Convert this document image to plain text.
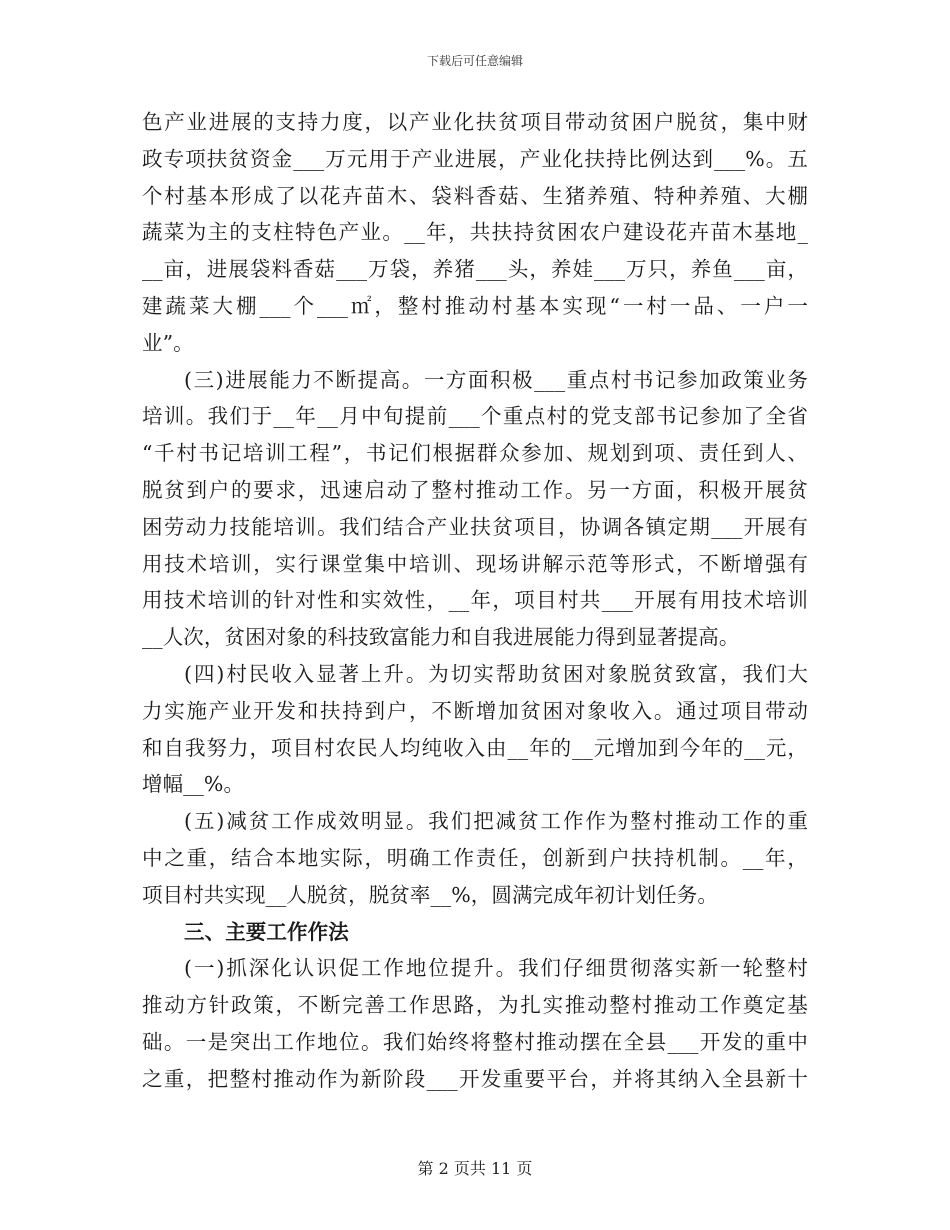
下载后可任意编辑
色产业进展的支持力度，以产业化扶贫项目带动贫困户脱贫，集中财
政专项扶贫资金___万元用于产业进展，产业化扶持比例达到___%。五
个村基本形成了以花卉苗木、袋料香菇、生猪养殖、特种养殖、大棚
蔬菜为主的支柱特色产业。__年，共扶持贫困农户建设花卉苗木基地_
__亩，进展袋料香菇___万袋，养猪___头，养娃___万只，养鱼___亩，
建蔬菜大棚___个___㎡，整村推动村基本实现“一村一品、一户一
业”。
(三)进展能力不断提高。一方面积极___重点村书记参加政策业务
培训。我们于__年__月中旬提前___个重点村的党支部书记参加了全省
“千村书记培训工程”，书记们根据群众参加、规划到项、责任到人、
脱贫到户的要求，迅速启动了整村推动工作。另一方面，积极开展贫
困劳动力技能培训。我们结合产业扶贫项目，协调各镇定期___开展有
用技术培训，实行课堂集中培训、现场讲解示范等形式，不断增强有
用技术培训的针对性和实效性，__年，项目村共___开展有用技术培训
__人次，贫困对象的科技致富能力和自我进展能力得到显著提高。
(四)村民收入显著上升。为切实帮助贫困对象脱贫致富，我们大
力实施产业开发和扶持到户，不断增加贫困对象收入。通过项目带动
和自我努力，项目村农民人均纯收入由__年的__元增加到今年的__元，
增幅__%。
(五)减贫工作成效明显。我们把减贫工作作为整村推动工作的重
中之重，结合本地实际，明确工作责任，创新到户扶持机制。__年，
项目村共实现__人脱贫，脱贫率__%，圆满完成年初计划任务。
三、主要工作作法
(一)抓深化认识促工作地位提升。我们仔细贯彻落实新一轮整村
推动方针政策，不断完善工作思路，为扎实推动整村推动工作奠定基
础。一是突出工作地位。我们始终将整村推动摆在全县___开发的重中
之重，把整村推动作为新阶段___开发重要平台，并将其纳入全县新十
第 2 页共 11 页
